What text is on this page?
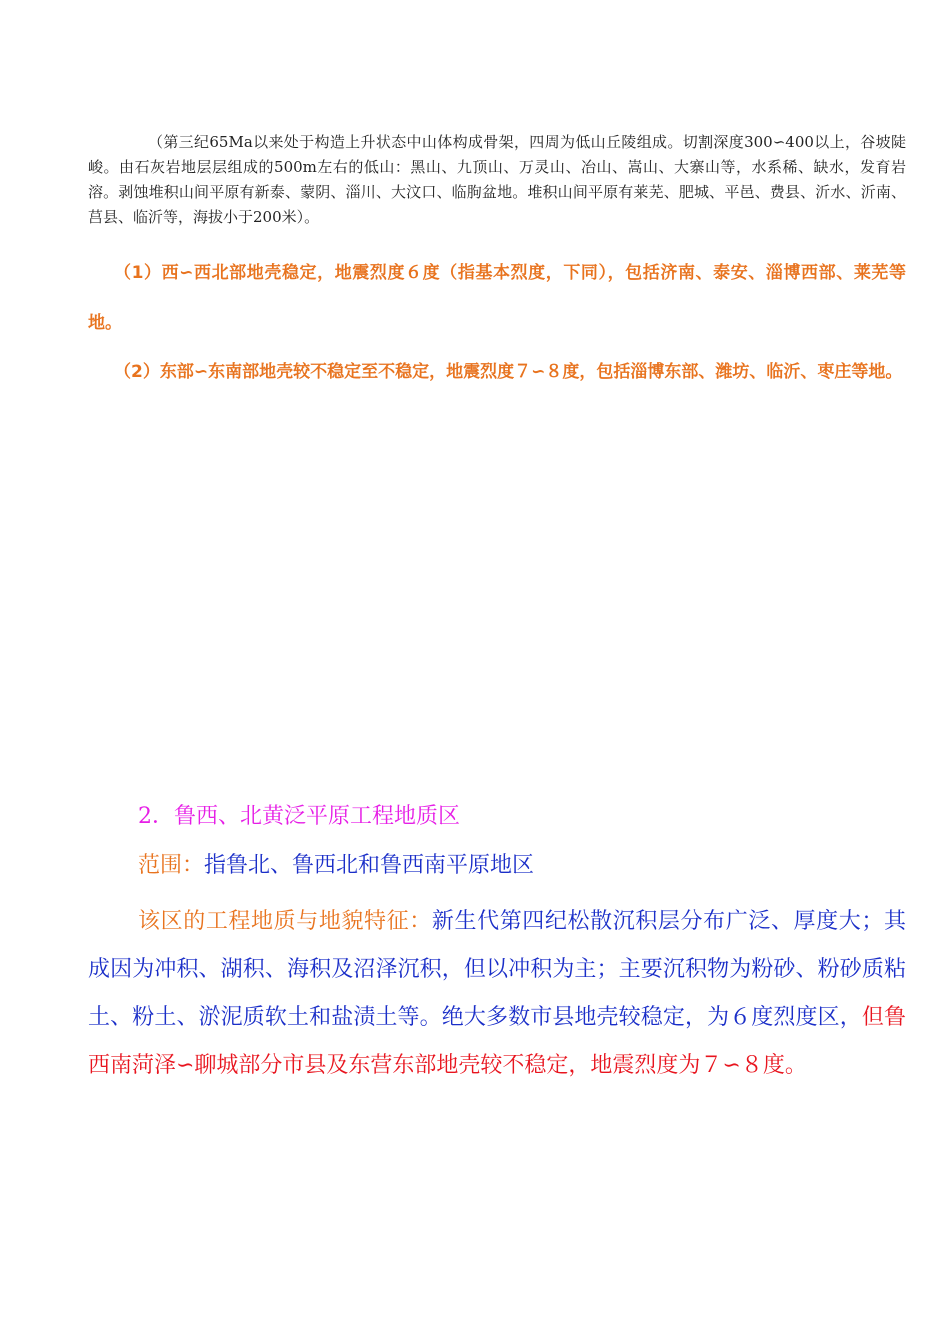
（第三纪65Ma以来处于构造上升状态中山体构成骨架，四周为低山丘陵组成。切割深度300∽400以上，谷坡陡峻。由石灰岩地层层组成的500m左右的低山：黑山、九顶山、万灵山、冶山、嵩山、大寨山等，水系稀、缺水，发育岩溶。剥蚀堆积山间平原有新泰、蒙阴、淄川、大汶口、临朐盆地。堆积山间平原有莱芜、肥城、平邑、费县、沂水、沂南、莒县、临沂等，海拔小于200米）。

（1）西∽西北部地壳稳定，地震烈度６度（指基本烈度，下同），包括济南、泰安、淄博西部、莱芜等地。

（2）东部∽东南部地壳较不稳定至不稳定，地震烈度７∽８度，包括淄博东部、潍坊、临沂、枣庄等地。

2．鲁西、北黄泛平原工程地质区
范围：指鲁北、鲁西北和鲁西南平原地区

该区的工程地质与地貌特征：新生代第四纪松散沉积层分布广泛、厚度大；其成因为冲积、湖积、海积及沼泽沉积，但以冲积为主；主要沉积物为粉砂、粉砂质粘土、粉土、淤泥质软土和盐渍土等。绝大多数市县地壳较稳定，为６度烈度区，但鲁西南菏泽∽聊城部分市县及东营东部地壳较不稳定，地震烈度为７∽８度。
